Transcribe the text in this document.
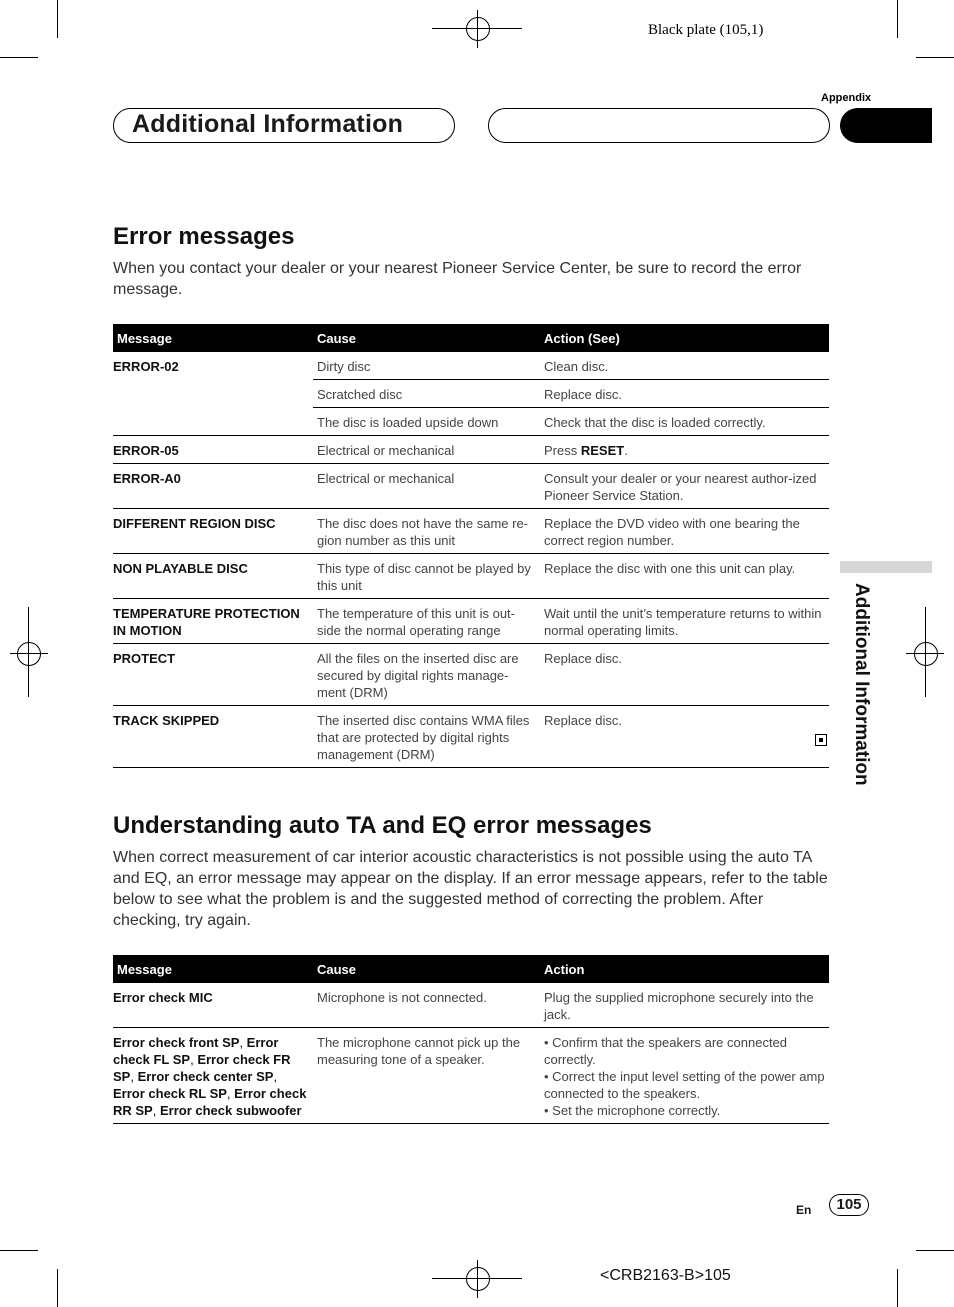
Black plate (105,1)
Appendix
Additional Information
Error messages
When you contact your dealer or your nearest Pioneer Service Center, be sure to record the error message.
Message	Cause	Action (See)
ERROR-02	Dirty disc	Clean disc.
	Scratched disc	Replace disc.
	The disc is loaded upside down	Check that the disc is loaded correctly.
ERROR-05	Electrical or mechanical	Press RESET.
ERROR-A0	Electrical or mechanical	Consult your dealer or your nearest author-ized Pioneer Service Station.
DIFFERENT REGION DISC	The disc does not have the same re-gion number as this unit	Replace the DVD video with one bearing the correct region number.
NON PLAYABLE DISC	This type of disc cannot be played by this unit	Replace the disc with one this unit can play.
TEMPERATURE PROTECTION IN MOTION	The temperature of this unit is out-side the normal operating range	Wait until the unit’s temperature returns to within normal operating limits.
PROTECT	All the files on the inserted disc are secured by digital rights manage-ment (DRM)	Replace disc.
TRACK SKIPPED	The inserted disc contains WMA files that are protected by digital rights management (DRM)	Replace disc.	Additional Information
Understanding auto TA and EQ error messages
When correct measurement of car interior acoustic characteristics is not possible using the auto TA and EQ, an error message may appear on the display. If an error message appears, refer to the table below to see what the problem is and the suggested method of correcting the problem. After checking, try again.
Message	Cause	Action
Error check MIC	Microphone is not connected.	Plug the supplied microphone securely into the jack.
Error check front SP, Error check FL SP, Error check FR SP, Error check center SP, Error check RL SP, Error check RR SP, Error check subwoofer	The microphone cannot pick up the measuring tone of a speaker.	• Confirm that the speakers are connected correctly.
• Correct the input level setting of the power amp connected to the speakers.
• Set the microphone correctly.
En	105
<CRB2163-B>105
